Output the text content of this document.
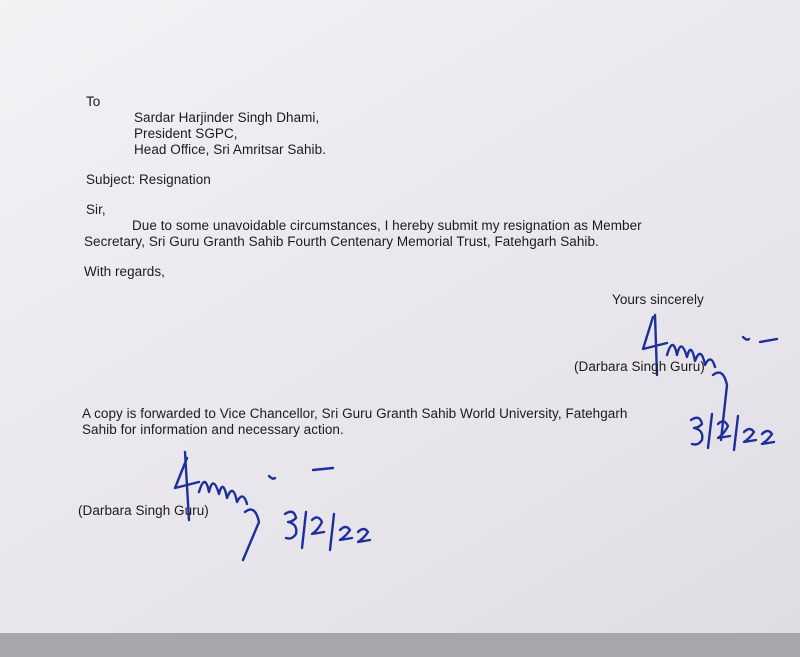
To
Sardar Harjinder Singh Dhami,
President SGPC,
Head Office, Sri Amritsar Sahib.
Subject: Resignation
Sir,
Due to some unavoidable circumstances, I hereby submit my resignation as Member
Secretary, Sri Guru Granth Sahib Fourth Centenary Memorial Trust, Fatehgarh Sahib.
With regards,
Yours sincerely
(Darbara Singh Guru)
A copy is forwarded to Vice Chancellor, Sri Guru Granth Sahib World University, Fatehgarh
Sahib for information and necessary action.
(Darbara Singh Guru)
